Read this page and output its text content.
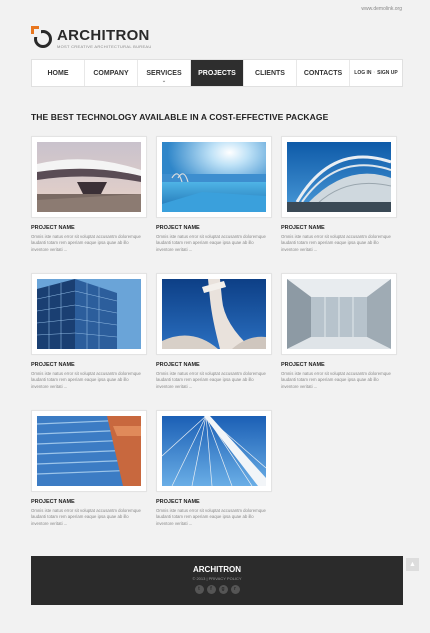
www.demolink.org
ARCHITRON
MOST CREATIVE ARCHITECTURAL BUREAU
HOME	COMPANY	SERVICES
⌄
PROJECTS	CLIENTS	CONTACTS LOG IN · SIGN UP
THE BEST TECHNOLOGY AVAILABLE IN A COST-EFFECTIVE PACKAGE
PROJECT NAME
Omnis iste natus error sit voluptat accusantm doloremque laudanti totam rem aperiam eaque ipsa quae ab illo inventore veritati ...
PROJECT NAME
Omnis iste natus error sit voluptat accusantm doloremque laudanti totam rem aperiam eaque ipsa quae ab illo inventore veritati ...
PROJECT NAME
Omnis iste natus error sit voluptat accusantm doloremque laudanti totam rem aperiam eaque ipsa quae ab illo inventore veritati ...
PROJECT NAME
Omnis iste natus error sit voluptat accusantm doloremque laudanti totam rem aperiam eaque ipsa quae ab illo inventore veritati ...
PROJECT NAME
Omnis iste natus error sit voluptat accusantm doloremque laudanti totam rem aperiam eaque ipsa quae ab illo inventore veritati ...
PROJECT NAME
Omnis iste natus error sit voluptat accusantm doloremque laudanti totam rem aperiam eaque ipsa quae ab illo inventore veritati ...
PROJECT NAME
Omnis iste natus error sit voluptat accusantm doloremque laudanti totam rem aperiam eaque ipsa quae ab illo inventore veritati ...
PROJECT NAME
Omnis iste natus error sit voluptat accusantm doloremque laudanti totam rem aperiam eaque ipsa quae ab illo inventore veritati ...
ARCHITRON
© 2013 | PRIVACY POLICY
t	f	g	r
▲
